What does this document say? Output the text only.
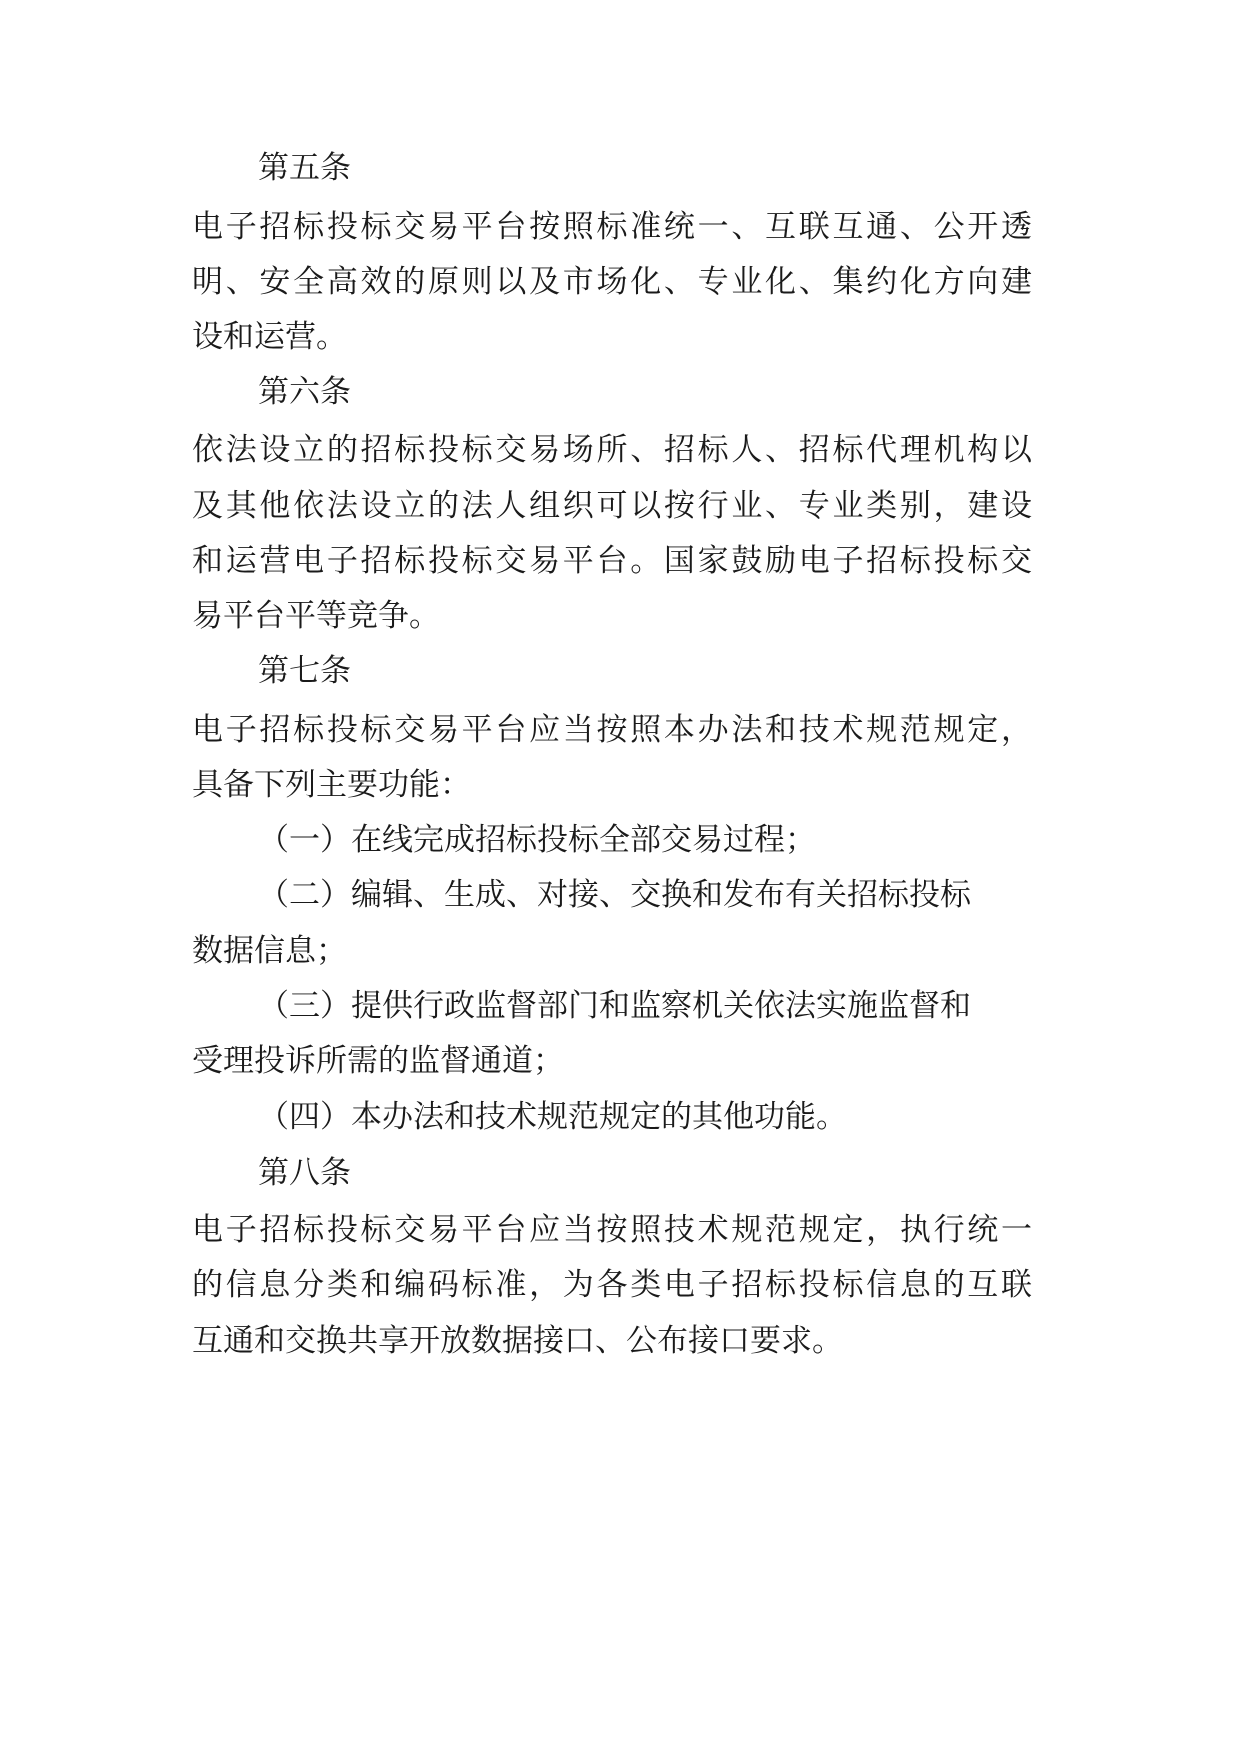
第五条
电子招标投标交易平台按照标准统一、互联互通、公开透
明、安全高效的原则以及市场化、专业化、集约化方向建
设和运营。
第六条
依法设立的招标投标交易场所、招标人、招标代理机构以
及其他依法设立的法人组织可以按行业、专业类别，建设
和运营电子招标投标交易平台。国家鼓励电子招标投标交
易平台平等竞争。
第七条
电子招标投标交易平台应当按照本办法和技术规范规定，
具备下列主要功能：
（一）在线完成招标投标全部交易过程；
（二）编辑、生成、对接、交换和发布有关招标投标
数据信息；
（三）提供行政监督部门和监察机关依法实施监督和
受理投诉所需的监督通道；
（四）本办法和技术规范规定的其他功能。
第八条
电子招标投标交易平台应当按照技术规范规定，执行统一
的信息分类和编码标准，为各类电子招标投标信息的互联
互通和交换共享开放数据接口、公布接口要求。
